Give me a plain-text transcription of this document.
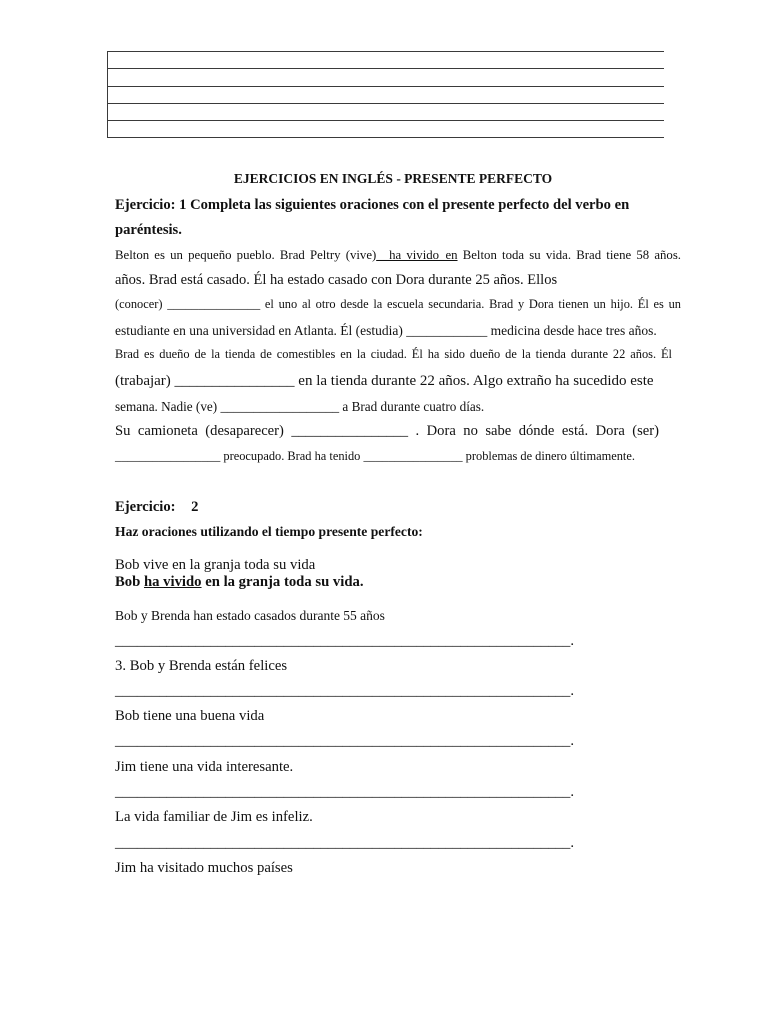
EJERCICIOS EN INGLÉS - PRESENTE PERFECTO
Ejercicio: 1 Completa las siguientes oraciones con el presente perfecto del verbo en
paréntesis.
Belton es un pequeño pueblo. Brad Peltry (vive)__ha vivido_en Belton toda su vida. Brad tiene 58 años.
años. Brad está casado. Él ha estado casado con Dora durante 25 años. Ellos
(conocer) _______________ el uno al otro desde la escuela secundaria. Brad y Dora tienen un hijo. Él es un
estudiante en una universidad en Atlanta. Él (estudia) ____________ medicina desde hace tres años.
Brad es dueño de la tienda de comestibles en la ciudad. Él ha sido dueño de la tienda durante 22 años. Él
(trabajar) ________________ en la tienda durante 22 años. Algo extraño ha sucedido este
semana. Nadie (ve) __________________ a Brad durante cuatro días.
Su camioneta (desaparecer) ________________ . Dora no sabe dónde está. Dora (ser)
_________________ preocupado. Brad ha tenido ________________ problemas de dinero últimamente.
Ejercicio: 2
Haz oraciones utilizando el tiempo presente perfecto:
Bob vive en la granja toda su vida
Bob ha vivido en la granja toda su vida.
Bob y Brenda han estado casados durante 55 años
______________________________________________________________.
3. Bob y Brenda están felices
______________________________________________________________.
Bob tiene una buena vida
______________________________________________________________.
Jim tiene una vida interesante.
______________________________________________________________.
La vida familiar de Jim es infeliz.
______________________________________________________________.
Jim ha visitado muchos países
